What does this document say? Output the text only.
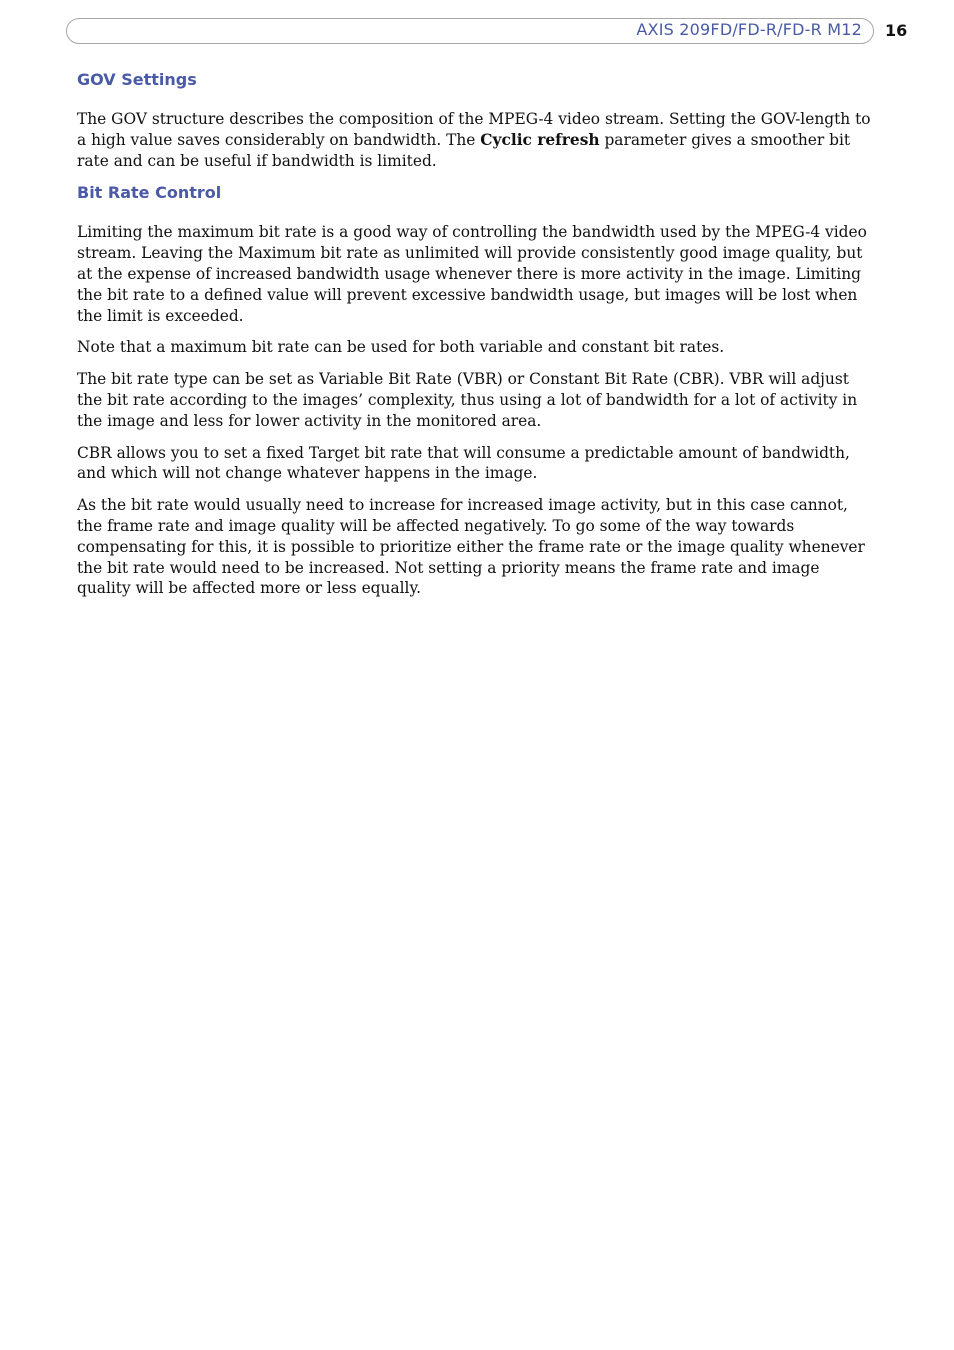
AXIS 209FD/FD-R/FD-R M12 16
GOV Settings

The GOV structure describes the composition of the MPEG-4 video stream. Setting the GOV-length to a high value saves considerably on bandwidth. The Cyclic refresh parameter gives a smoother bit rate and can be useful if bandwidth is limited.

Bit Rate Control

Limiting the maximum bit rate is a good way of controlling the bandwidth used by the MPEG-4 video stream. Leaving the Maximum bit rate as unlimited will provide consistently good image quality, but at the expense of increased bandwidth usage whenever there is more activity in the image. Limiting the bit rate to a defined value will prevent excessive bandwidth usage, but images will be lost when the limit is exceeded.

Note that a maximum bit rate can be used for both variable and constant bit rates.

The bit rate type can be set as Variable Bit Rate (VBR) or Constant Bit Rate (CBR). VBR will adjust the bit rate according to the images’ complexity, thus using a lot of bandwidth for a lot of activity in the image and less for lower activity in the monitored area.

CBR allows you to set a fixed Target bit rate that will consume a predictable amount of bandwidth, and which will not change whatever happens in the image.

As the bit rate would usually need to increase for increased image activity, but in this case cannot, the frame rate and image quality will be affected negatively. To go some of the way towards compensating for this, it is possible to prioritize either the frame rate or the image quality whenever the bit rate would need to be increased. Not setting a priority means the frame rate and image quality will be affected more or less equally.
